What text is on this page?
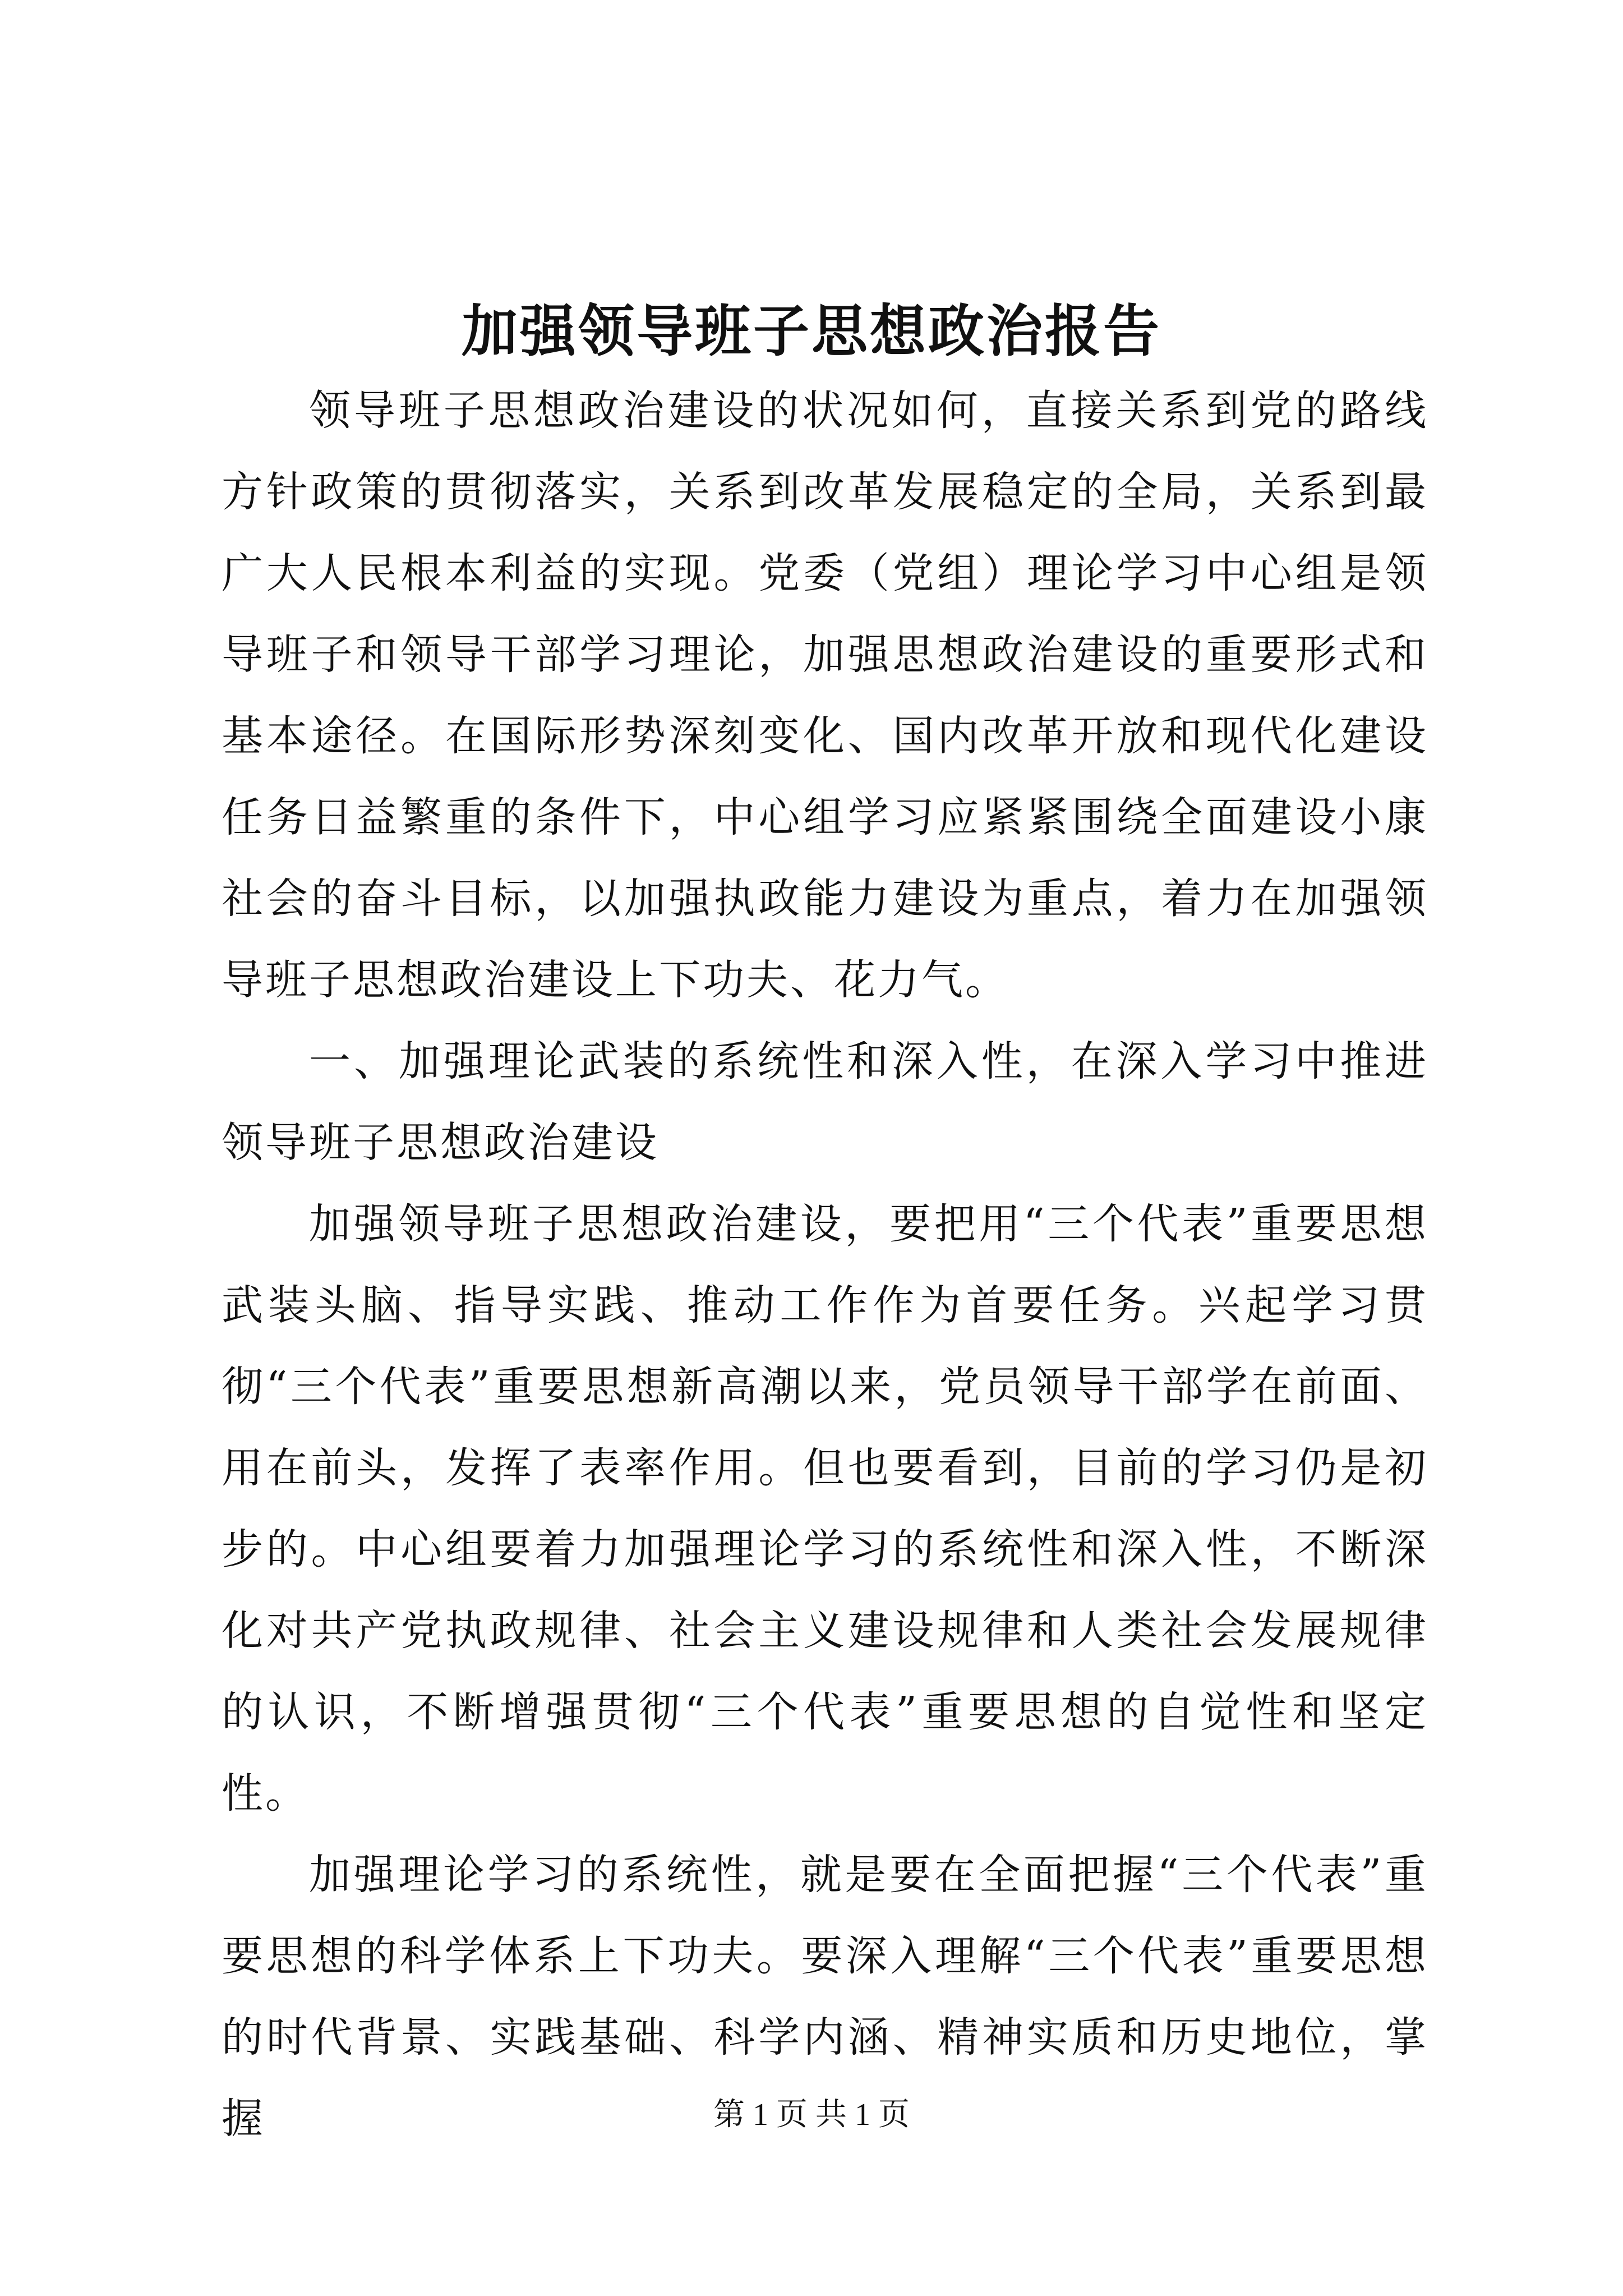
加强领导班子思想政治报告

领导班子思想政治建设的状况如何，直接关系到党的路线方针政策的贯彻落实，关系到改革发展稳定的全局，关系到最广大人民根本利益的实现。党委（党组）理论学习中心组是领导班子和领导干部学习理论，加强思想政治建设的重要形式和基本途径。在国际形势深刻变化、国内改革开放和现代化建设任务日益繁重的条件下，中心组学习应紧紧围绕全面建设小康社会的奋斗目标，以加强执政能力建设为重点，着力在加强领导班子思想政治建设上下功夫、花力气。

一、加强理论武装的系统性和深入性，在深入学习中推进领导班子思想政治建设

加强领导班子思想政治建设，要把用“三个代表”重要思想武装头脑、指导实践、推动工作作为首要任务。兴起学习贯彻“三个代表”重要思想新高潮以来，党员领导干部学在前面、用在前头，发挥了表率作用。但也要看到，目前的学习仍是初步的。中心组要着力加强理论学习的系统性和深入性，不断深化对共产党执政规律、社会主义建设规律和人类社会发展规律的认识，不断增强贯彻“三个代表”重要思想的自觉性和坚定性。

加强理论学习的系统性，就是要在全面把握“三个代表”重要思想的科学体系上下功夫。要深入理解“三个代表”重要思想的时代背景、实践基础、科学内涵、精神实质和历史地位，掌握	第 1 页 共 1 页
